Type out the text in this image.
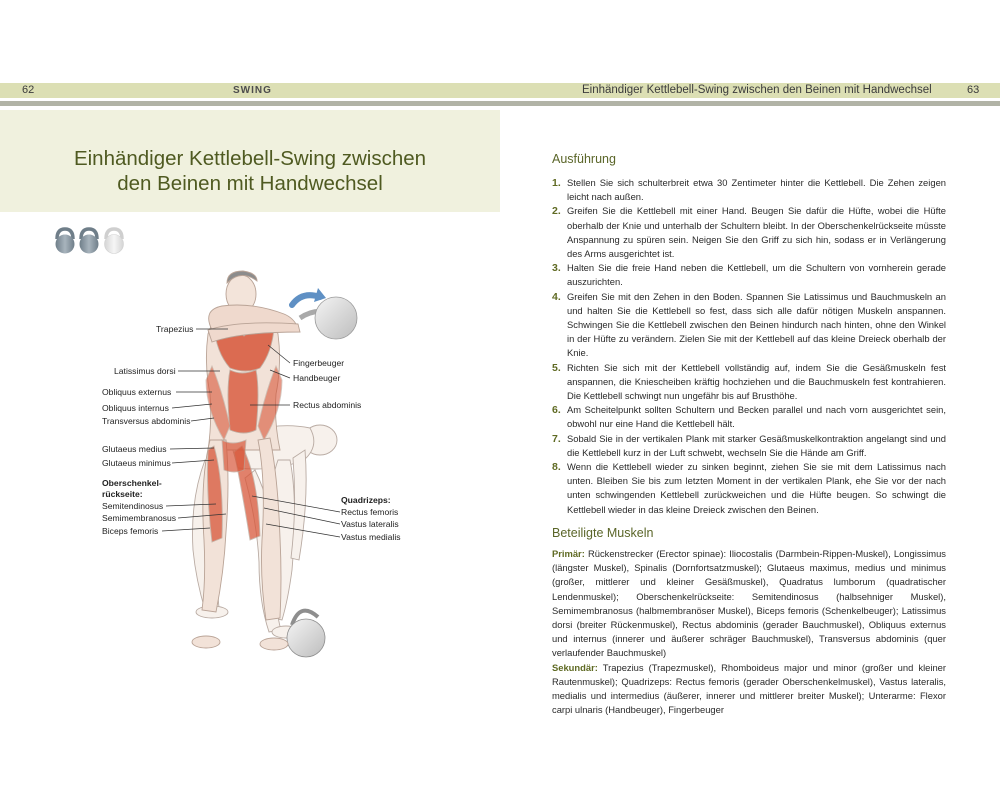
62	SWING	Einhändiger Kettlebell-Swing zwischen den Beinen mit Handwechsel	63
Einhändiger Kettlebell-Swing zwischen
den Beinen mit Handwechsel
Trapezius
Latissimus dorsi
Fingerbeuger
Handbeuger
Obliquus externus
Obliquus internus	Rectus abdominis
Transversus abdominis
Glutaeus medius
Glutaeus minimus
Oberschenkel-
rückseite:
Semitendinosus
Semimembranosus
Biceps femoris
Quadrizeps:
Rectus femoris
Vastus lateralis
Vastus medialis
Ausführung
1. Stellen Sie sich schulterbreit etwa 30 Zentimeter hinter die Kettlebell. Die Zehen zeigen leicht nach außen.
2. Greifen Sie die Kettlebell mit einer Hand. Beugen Sie dafür die Hüfte, wobei die Hüfte oberhalb der Knie und unterhalb der Schultern bleibt. In der Oberschenkelrückseite müsste Anspannung zu spüren sein. Neigen Sie den Griff zu sich hin, sodass er in Verlängerung des Arms ausgerichtet ist.
3. Halten Sie die freie Hand neben die Kettlebell, um die Schultern von vornherein gerade auszurichten.
4. Greifen Sie mit den Zehen in den Boden. Spannen Sie Latissimus und Bauchmuskeln an und halten Sie die Kettlebell so fest, dass sich alle dafür nötigen Muskeln anspannen. Schwingen Sie die Kettlebell zwischen den Beinen hindurch nach hinten, ohne den Winkel in der Hüfte zu verändern. Zielen Sie mit der Kettlebell auf das kleine Dreieck oberhalb der Knie.
5. Richten Sie sich mit der Kettlebell vollständig auf, indem Sie die Gesäßmuskeln fest anspannen, die Kniescheiben kräftig hochziehen und die Bauchmuskeln fest kontrahieren. Die Kettlebell schwingt nun ungefähr bis auf Brusthöhe.
6. Am Scheitelpunkt sollten Schultern und Becken parallel und nach vorn ausgerichtet sein, obwohl nur eine Hand die Kettlebell hält.
7. Sobald Sie in der vertikalen Plank mit starker Gesäßmuskelkontraktion angelangt sind und die Kettlebell kurz in der Luft schwebt, wechseln Sie die Hände am Griff.
8. Wenn die Kettlebell wieder zu sinken beginnt, ziehen Sie sie mit dem Latissimus nach unten. Bleiben Sie bis zum letzten Moment in der vertikalen Plank, ehe Sie vor der nach unten schwingenden Kettlebell zurückweichen und die Hüfte beugen. So schwingt die Kettlebell wieder in das kleine Dreieck zwischen den Beinen.
Beteiligte Muskeln

Primär: Rückenstrecker (Erector spinae): Iliocostalis (Darmbein-Rippen-Muskel), Longissimus (längster Muskel), Spinalis (Dornfortsatzmuskel); Glutaeus maximus, medius und minimus (großer, mittlerer und kleiner Gesäßmuskel), Quadratus lumborum (quadratischer Lendenmuskel); Oberschenkelrückseite: Semitendinosus (halbsehniger Muskel), Semimembranosus (halbmembranöser Muskel), Biceps femoris (Schenkelbeuger); Latissimus dorsi (breiter Rückenmuskel), Rectus abdominis (gerader Bauchmuskel), Obliquus externus und internus (innerer und äußerer schräger Bauchmuskel), Transversus abdominis (quer verlaufender Bauchmuskel)

Sekundär: Trapezius (Trapezmuskel), Rhomboideus major und minor (großer und kleiner Rautenmuskel); Quadrizeps: Rectus femoris (gerader Oberschenkelmuskel), Vastus lateralis, medialis und intermedius (äußerer, innerer und mittlerer breiter Muskel); Unterarme: Flexor carpi ulnaris (Handbeuger), Fingerbeuger
